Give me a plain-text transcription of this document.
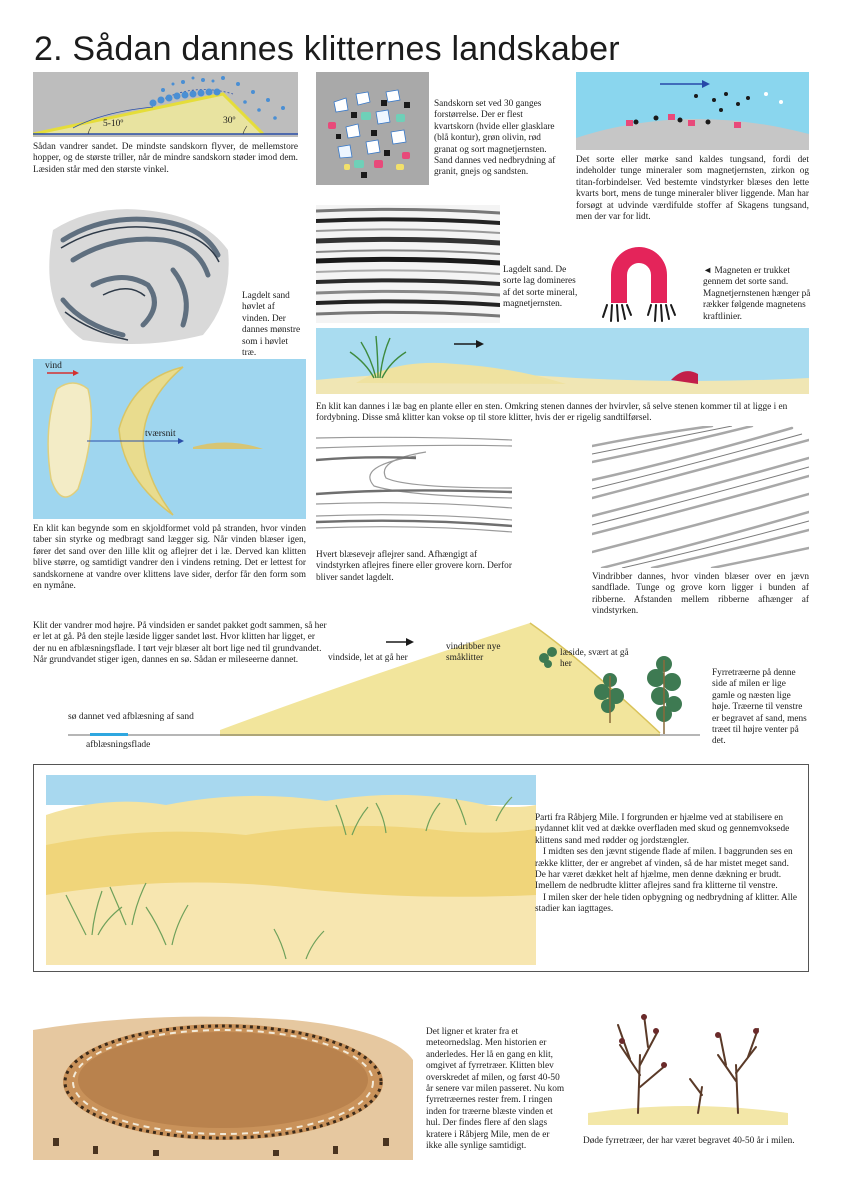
2. Sådan dannes klitternes landskaber
5-10º	30º
Sådan vandrer sandet. De mindste sandskorn flyver, de mellemstore hopper, og de største triller, når de mindre sandskorn støder imod dem. Læsiden står med den største vinkel.
Sandskorn set ved 30 ganges forstørrelse. Der er flest kvartskorn (hvide eller glasklare (blå kontur), grøn olivin, rød granat og sort magnetjernsten. Sand dannes ved nedbrydning af granit, gnejs og sandsten.
Det sorte eller mørke sand kaldes tungsand, fordi det indeholder tunge mineraler som magnetjernsten, zirkon og titan-forbindelser. Ved bestemte vindstyrker blæses den lette kvarts bort, mens de tunge mineraler bliver liggende. Man har forsøgt at udvinde værdifulde stoffer af Skagens tungsand, men der var for lidt.
Lagdelt sand høvlet af vinden. Der dannes mønstre som i høvlet træ.
Lagdelt sand. De sorte lag domineres af det sorte mineral, magnetjernsten.
◄ Magneten er trukket gennem det sorte sand. Magnetjernstenen hænger på rækker følgende magnetens kraftlinier.
En klit kan dannes i læ bag en plante eller en sten. Omkring stenen dannes der hvirvler, så selve stenen kommer til at ligge i en fordybning. Disse små klitter kan vokse op til store klitter, hvis der er rigelig sandtilførsel.
vind
tværsnit
En klit kan begynde som en skjoldformet vold på stranden, hvor vinden taber sin styrke og medbragt sand lægger sig. Når vinden blæser igen, fører det sand over den lille klit og aflejrer det i læ. Derved kan klitten blive større, og samtidigt vandrer den i vindens retning. Det er lettest for sandskornene at vandre over klittens lave sider, derfor får den form som en nymåne.
Hvert blæsevejr aflejrer sand. Afhængigt af vindstyrken aflejres finere eller grovere korn. Derfor bliver sandet lagdelt.	Vindribber dannes, hvor vinden blæser over en jævn sandflade. Tunge og grove korn ligger i bunden af ribberne. Afstanden mellem ribberne afhænger af vindstyrken.
Klit der vandrer mod højre. På vindsiden er sandet pakket godt sammen, så her er let at gå. På den stejle læside ligger sandet løst. Hvor klitten har ligget, er der nu en afblæsningsflade. I tørt vejr blæser alt bort lige ned til grundvandet. Når grundvandet stiger igen, dannes en sø. Sådan er mileseerne dannet.	vindside, let at gå her
vindribber nye småklitter
læside, svært at gå her
sø dannet ved afblæsning af sand
afblæsningsflade
Fyrretræerne på denne side af milen er lige gamle og næsten lige høje. Træerne til venstre er begravet af sand, mens træet til højre venter på det.
Parti fra Råbjerg Mile. I forgrunden er hjælme ved at stabilisere en nydannet klit ved at dække overfladen med skud og gennemvoksede klittens sand med rødder og jordstængler.
I midten ses den jævnt stigende flade af milen. I baggrunden ses en række klitter, der er angrebet af vinden, så de har mistet meget sand. De har været dækket helt af hjælme, men denne dækning er brudt. Imellem de nedbrudte klitter aflejres sand fra klitterne til venstre.
I milen sker der hele tiden opbygning og nedbrydning af klitter. Alle stadier kan iagttages.
Det ligner et krater fra et meteornedslag. Men historien er anderledes. Her lå en gang en klit, omgivet af fyrretræer. Klitten blev overskredet af milen, og først 40-50 år senere var milen passeret. Nu kom fyrretræernes rester frem. I ringen inden for træerne blæste vinden et hul. Der findes flere af den slags kratere i Råbjerg Mile, men de er ikke alle synlige samtidigt.
Døde fyrretræer, der har været begravet 40-50 år i milen.
